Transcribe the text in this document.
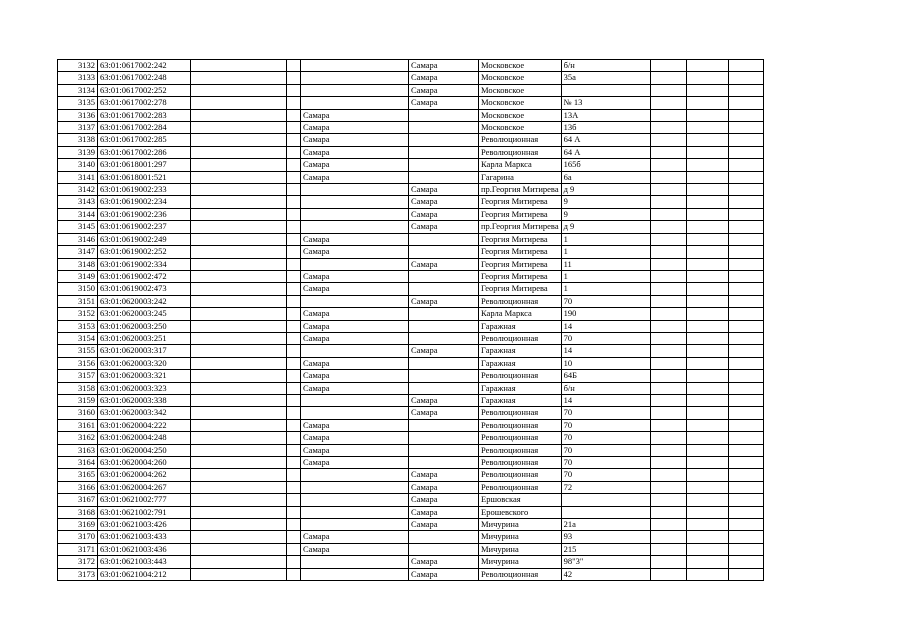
3132	63:01:0617002:242				Самара	Московское	б/н			
3133	63:01:0617002:248				Самара	Московское	35а			
3134	63:01:0617002:252				Самара	Московское				
3135	63:01:0617002:278				Самара	Московское	№ 13			
3136	63:01:0617002:283			Самара		Московское	13А			
3137	63:01:0617002:284			Самара		Московское	13б			
3138	63:01:0617002:285			Самара		Революционная	64 А			
3139	63:01:0617002:286			Самара		Революционная	64 А			
3140	63:01:0618001:297			Самара		Карла Маркса	165б			
3141	63:01:0618001:521			Самара		Гагарина	6а			
3142	63:01:0619002:233				Самара	пр.Георгия Митирева	д 9			
3143	63:01:0619002:234				Самара	Георгия Митирева	9			
3144	63:01:0619002:236				Самара	Георгия Митирева	9			
3145	63:01:0619002:237				Самара	пр.Георгия Митирева	д 9			
3146	63:01:0619002:249			Самара		Георгия Митирева	1			
3147	63:01:0619002:252			Самара		Георгия Митирева	1			
3148	63:01:0619002:334				Самара	Георгия Митирева	11			
3149	63:01:0619002:472			Самара		Георгия Митирева	1			
3150	63:01:0619002:473			Самара		Георгия Митирева	1			
3151	63:01:0620003:242				Самара	Революционная	70			
3152	63:01:0620003:245			Самара		Карла Маркса	190			
3153	63:01:0620003:250			Самара		Гаражная	14			
3154	63:01:0620003:251			Самара		Революционная	70			
3155	63:01:0620003:317				Самара	Гаражная	14			
3156	63:01:0620003:320			Самара		Гаражная	10			
3157	63:01:0620003:321			Самара		Революционная	64Б			
3158	63:01:0620003:323			Самара		Гаражная	б/н			
3159	63:01:0620003:338				Самара	Гаражная	14			
3160	63:01:0620003:342				Самара	Революционная	70			
3161	63:01:0620004:222			Самара		Революционная	70			
3162	63:01:0620004:248			Самара		Революционная	70			
3163	63:01:0620004:250			Самара		Революционная	70			
3164	63:01:0620004:260			Самара		Революционная	70			
3165	63:01:0620004:262				Самара	Революционная	70			
3166	63:01:0620004:267				Самара	Революционная	72			
3167	63:01:0621002:777				Самара	Ершовская				
3168	63:01:0621002:791				Самара	Ерошевского				
3169	63:01:0621003:426				Самара	Мичурина	21а			
3170	63:01:0621003:433			Самара		Мичурина	93			
3171	63:01:0621003:436			Самара		Мичурина	215			
3172	63:01:0621003:443				Самара	Мичурина	98"3"			
3173	63:01:0621004:212				Самара	Революционная	42			
